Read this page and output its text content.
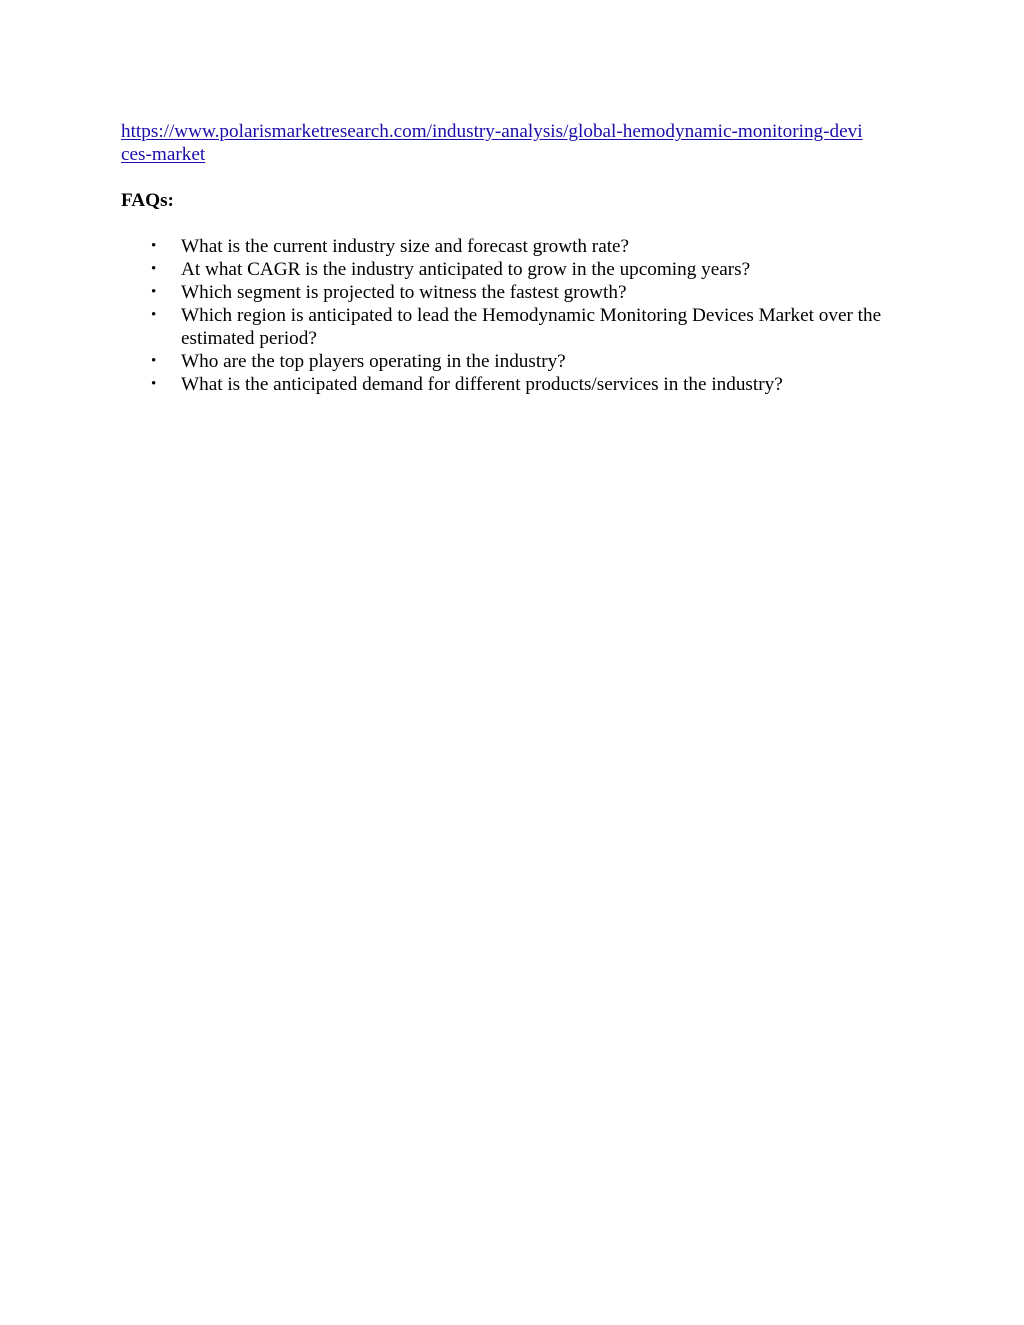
https://www.polarismarketresearch.com/industry-analysis/global-hemodynamic-monitoring-devices-market
FAQs:
• What is the current industry size and forecast growth rate?
• At what CAGR is the industry anticipated to grow in the upcoming years?
• Which segment is projected to witness the fastest growth?
• Which region is anticipated to lead the Hemodynamic Monitoring Devices Market over the estimated period?
• Who are the top players operating in the industry?
• What is the anticipated demand for different products/services in the industry?
